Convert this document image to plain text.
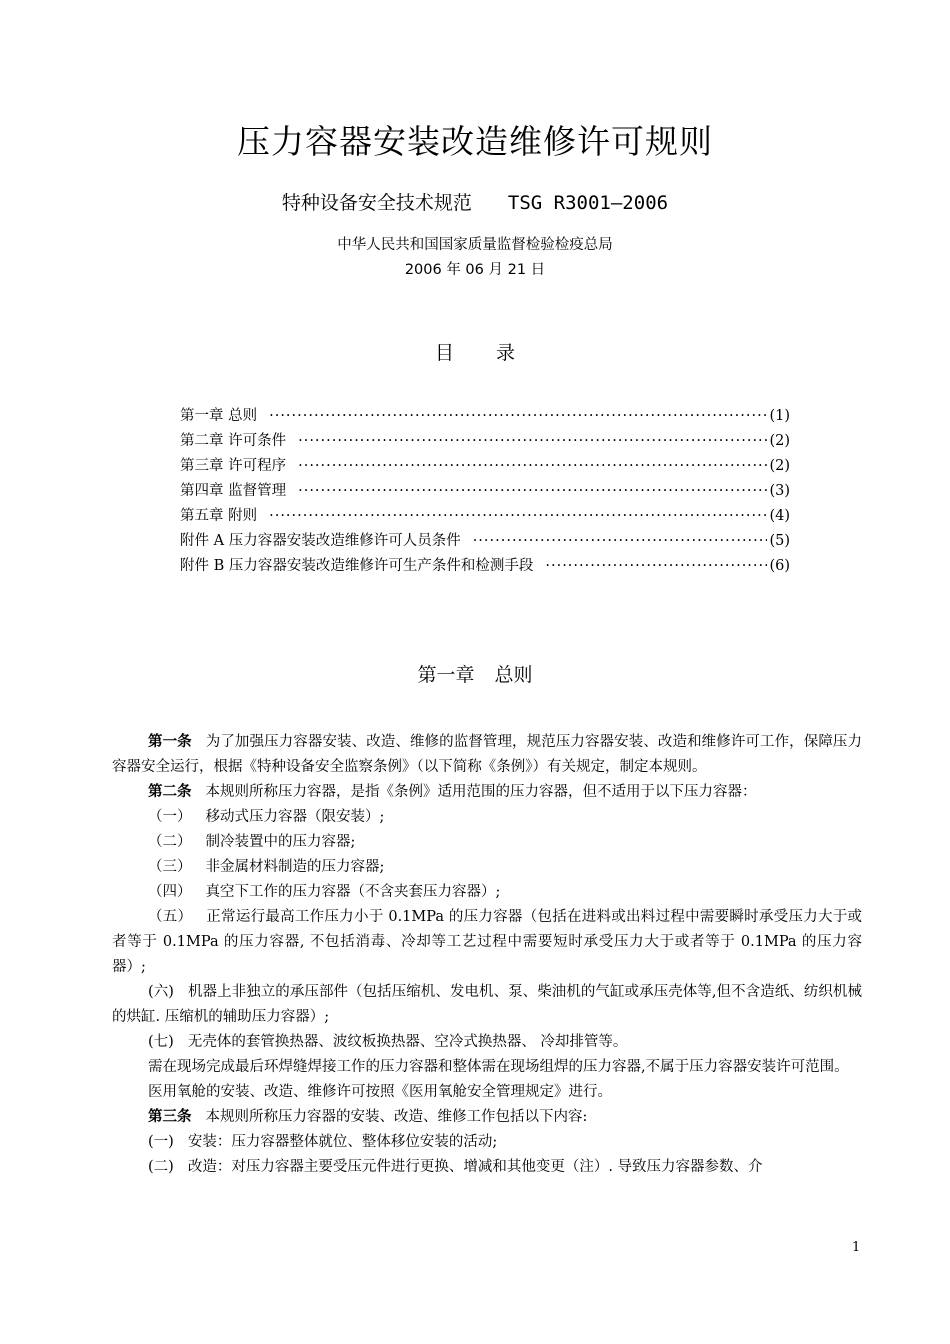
压力容器安装改造维修许可规则
特种设备安全技术规范 TSG R3001—2006
中华人民共和国国家质量监督检验检疫总局
2006 年 06 月 21 日
目录
第一章 总则 ·····	(1)
第二章 许可条件 ·····	(2)
第三章 许可程序 ·····	(2)
第四章 监督管理 ·····	(3)
第五章 附则 ·····	(4)
附件 A 压力容器安装改造维修许可人员条件 ·····	(5)
附件 B 压力容器安装改造维修许可生产条件和检测手段 ·····	(6)
第一章 总则

第一条 为了加强压力容器安装、改造、维修的监督管理，规范压力容器安装、改造和维修许可工作，保障压力容器安全运行，根据《特种设备安全监察条例》（以下简称《条例》）有关规定，制定本规则。

第二条 本规则所称压力容器，是指《条例》适用范围的压力容器，但不适用于以下压力容器：

（一） 移动式压力容器（限安装）;

（二） 制冷装置中的压力容器;

（三） 非金属材料制造的压力容器;

（四） 真空下工作的压力容器（不含夹套压力容器）;

（五） 正常运行最高工作压力小于 0.1MPa 的压力容器（包括在进料或出料过程中需要瞬时承受压力大于或者等于 0.1MPa 的压力容器, 不包括消毒、冷却等工艺过程中需要短时承受压力大于或者等于 0.1MPa 的压力容器）;

(六) 机器上非独立的承压部件（包括压缩机、发电机、泵、柴油机的气缸或承压壳体等,但不含造纸、纺织机械的烘缸. 压缩机的辅助压力容器）;

(七) 无壳体的套管换热器、波纹板换热器、空冷式换热器、 冷却排管等。

需在现场完成最后环焊缝焊接工作的压力容器和整体需在现场组焊的压力容器,不属于压力容器安装许可范围。

医用氧舱的安装、改造、维修许可按照《医用氧舱安全管理规定》进行。

第三条 本规则所称压力容器的安装、改造、维修工作包括以下内容:

(一) 安装：压力容器整体就位、整体移位安装的活动;

(二) 改造：对压力容器主要受压元件进行更换、增减和其他变更（注）. 导致压力容器参数、介

1
